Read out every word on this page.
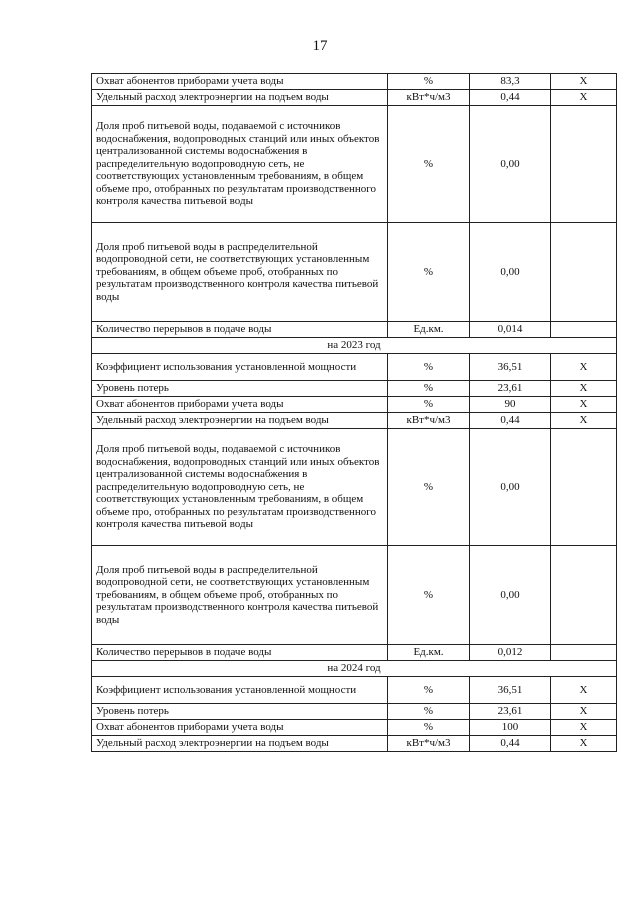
17
Охват абонентов приборами учета воды	%	83,3	X
Удельный расход электроэнергии на подъем воды	кВт*ч/м3	0,44	X
Доля проб питьевой воды, подаваемой с источников водоснабжения, водопроводных станций или иных объектов централизованной системы водоснабжения в распределительную водопроводную сеть, не соответствующих установленным требованиям, в общем объеме про, отобранных по результатам производственного контроля качества питьевой воды	%	0,00	
Доля проб питьевой воды в распределительной водопроводной сети, не соответствующих установленным требованиям, в общем объеме проб, отобранных по результатам производственного контроля качества питьевой воды	%	0,00	
Количество перерывов в подаче воды	Ед.км.	0,014	
на 2023 год			
Коэффициент использования установленной мощности	%	36,51	X
Уровень потерь	%	23,61	X
Охват абонентов приборами учета воды	%	90	X
Удельный расход электроэнергии на подъем воды	кВт*ч/м3	0,44	X
Доля проб питьевой воды, подаваемой с источников водоснабжения, водопроводных станций или иных объектов централизованной системы водоснабжения в распределительную водопроводную сеть, не соответствующих установленным требованиям, в общем объеме про, отобранных по результатам производственного контроля качества питьевой воды	%	0,00	
Доля проб питьевой воды в распределительной водопроводной сети, не соответствующих установленным требованиям, в общем объеме проб, отобранных по результатам производственного контроля качества питьевой воды	%	0,00	
Количество перерывов в подаче воды	Ед.км.	0,012	
на 2024 год			
Коэффициент использования установленной мощности	%	36,51	X
Уровень потерь	%	23,61	X
Охват абонентов приборами учета воды	%	100	X
Удельный расход электроэнергии на подъем воды	кВт*ч/м3	0,44	X
